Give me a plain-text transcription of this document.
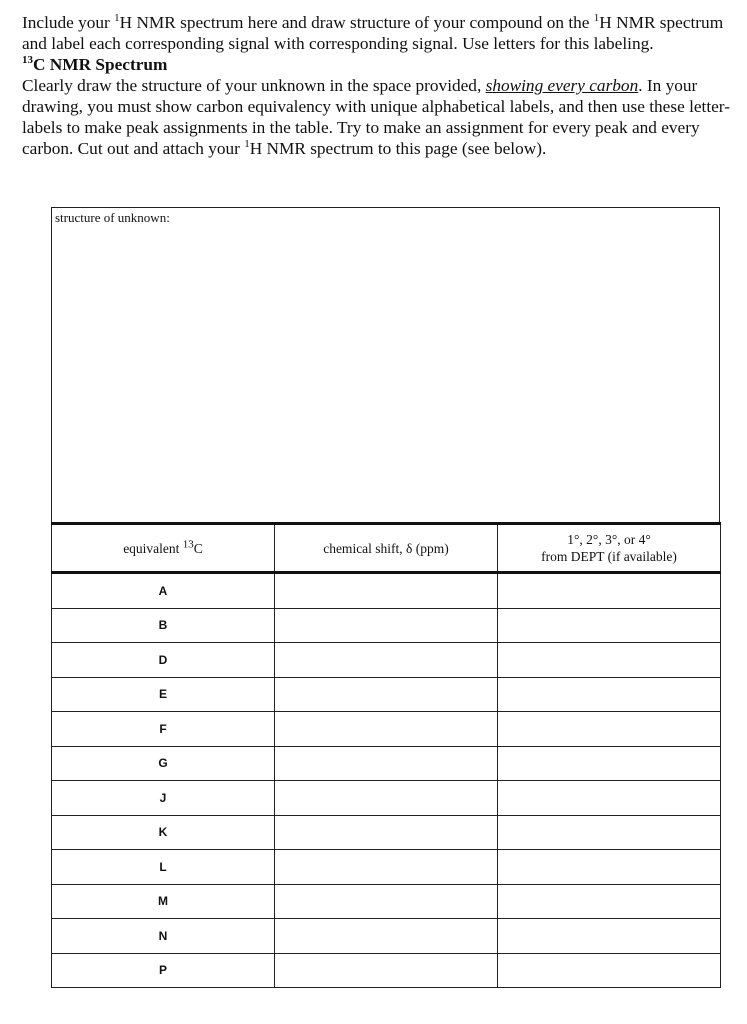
Include your $^1$H NMR spectrum here and draw structure of your compound on the $^1$H NMR spectrum and label each corresponding signal with corresponding signal. Use letters for this labeling.

$^{13}$C NMR Spectrum

Clearly draw the structure of your unknown in the space provided, showing every carbon. In your drawing, you must show carbon equivalency with unique alphabetical labels, and then use these letter-labels to make peak assignments in the table. Try to make an assignment for every peak and every carbon. Cut out and attach your $^1$H NMR spectrum to this page (see below).

structure of unknown:
equivalent $^{13}$C	chemical shift, δ (ppm)	1°, 2°, 3°, or 4°
from DEPT (if available)
A		
B		
D		
E		
F		
G		
J		
K		
L		
M		
N		
P		
